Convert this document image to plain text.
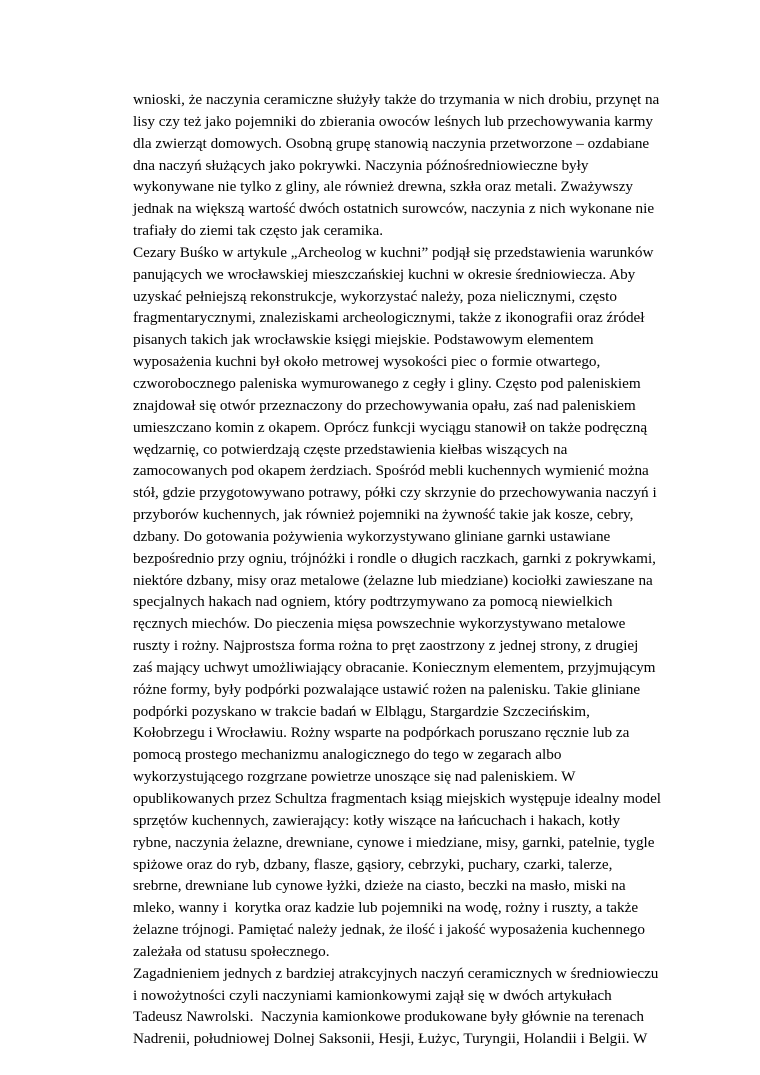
wnioski, że naczynia ceramiczne służyły także do trzymania w nich drobiu, przynęt na
lisy czy też jako pojemniki do zbierania owoców leśnych lub przechowywania karmy
dla zwierząt domowych. Osobną grupę stanowią naczynia przetworzone – ozdabiane
dna naczyń służących jako pokrywki. Naczynia późnośredniowieczne były
wykonywane nie tylko z gliny, ale również drewna, szkła oraz metali. Zważywszy
jednak na większą wartość dwóch ostatnich surowców, naczynia z nich wykonane nie
trafiały do ziemi tak często jak ceramika.
Cezary Buśko w artykule „Archeolog w kuchni” podjął się przedstawienia warunków
panujących we wrocławskiej mieszczańskiej kuchni w okresie średniowiecza. Aby
uzyskać pełniejszą rekonstrukcje, wykorzystać należy, poza nielicznymi, często
fragmentarycznymi, znaleziskami archeologicznymi, także z ikonografii oraz źródeł
pisanych takich jak wrocławskie księgi miejskie. Podstawowym elementem
wyposażenia kuchni był około metrowej wysokości piec o formie otwartego,
czworobocznego paleniska wymurowanego z cegły i gliny. Często pod paleniskiem
znajdował się otwór przeznaczony do przechowywania opału, zaś nad paleniskiem
umieszczano komin z okapem. Oprócz funkcji wyciągu stanowił on także podręczną
wędzarnię, co potwierdzają częste przedstawienia kiełbas wiszących na
zamocowanych pod okapem żerdziach. Spośród mebli kuchennych wymienić można
stół, gdzie przygotowywano potrawy, półki czy skrzynie do przechowywania naczyń i
przyborów kuchennych, jak również pojemniki na żywność takie jak kosze, cebry,
dzbany. Do gotowania pożywienia wykorzystywano gliniane garnki ustawiane
bezpośrednio przy ogniu, trójnóżki i rondle o długich raczkach, garnki z pokrywkami,
niektóre dzbany, misy oraz metalowe (żelazne lub miedziane) kociołki zawieszane na
specjalnych hakach nad ogniem, który podtrzymywano za pomocą niewielkich
ręcznych miechów. Do pieczenia mięsa powszechnie wykorzystywano metalowe
ruszty i rożny. Najprostsza forma rożna to pręt zaostrzony z jednej strony, z drugiej
zaś mający uchwyt umożliwiający obracanie. Koniecznym elementem, przyjmującym
różne formy, były podpórki pozwalające ustawić rożen na palenisku. Takie gliniane
podpórki pozyskano w trakcie badań w Elblągu, Stargardzie Szczecińskim,
Kołobrzegu i Wrocławiu. Rożny wsparte na podpórkach poruszano ręcznie lub za
pomocą prostego mechanizmu analogicznego do tego w zegarach albo
wykorzystującego rozgrzane powietrze unoszące się nad paleniskiem. W
opublikowanych przez Schultza fragmentach ksiąg miejskich występuje idealny model
sprzętów kuchennych, zawierający: kotły wiszące na łańcuchach i hakach, kotły
rybne, naczynia żelazne, drewniane, cynowe i miedziane, misy, garnki, patelnie, tygle
spiżowe oraz do ryb, dzbany, flasze, gąsiory, cebrzyki, puchary, czarki, talerze,
srebrne, drewniane lub cynowe łyżki, dzieże na ciasto, beczki na masło, miski na
mleko, wanny i  korytka oraz kadzie lub pojemniki na wodę, rożny i ruszty, a także
żelazne trójnogi. Pamiętać należy jednak, że ilość i jakość wyposażenia kuchennego
zależała od statusu społecznego.
Zagadnieniem jednych z bardziej atrakcyjnych naczyń ceramicznych w średniowieczu
i nowożytności czyli naczyniami kamionkowymi zajął się w dwóch artykułach
Tadeusz Nawrolski.  Naczynia kamionkowe produkowane były głównie na terenach
Nadrenii, południowej Dolnej Saksonii, Hesji, Łużyc, Turyngii, Holandii i Belgii. W
